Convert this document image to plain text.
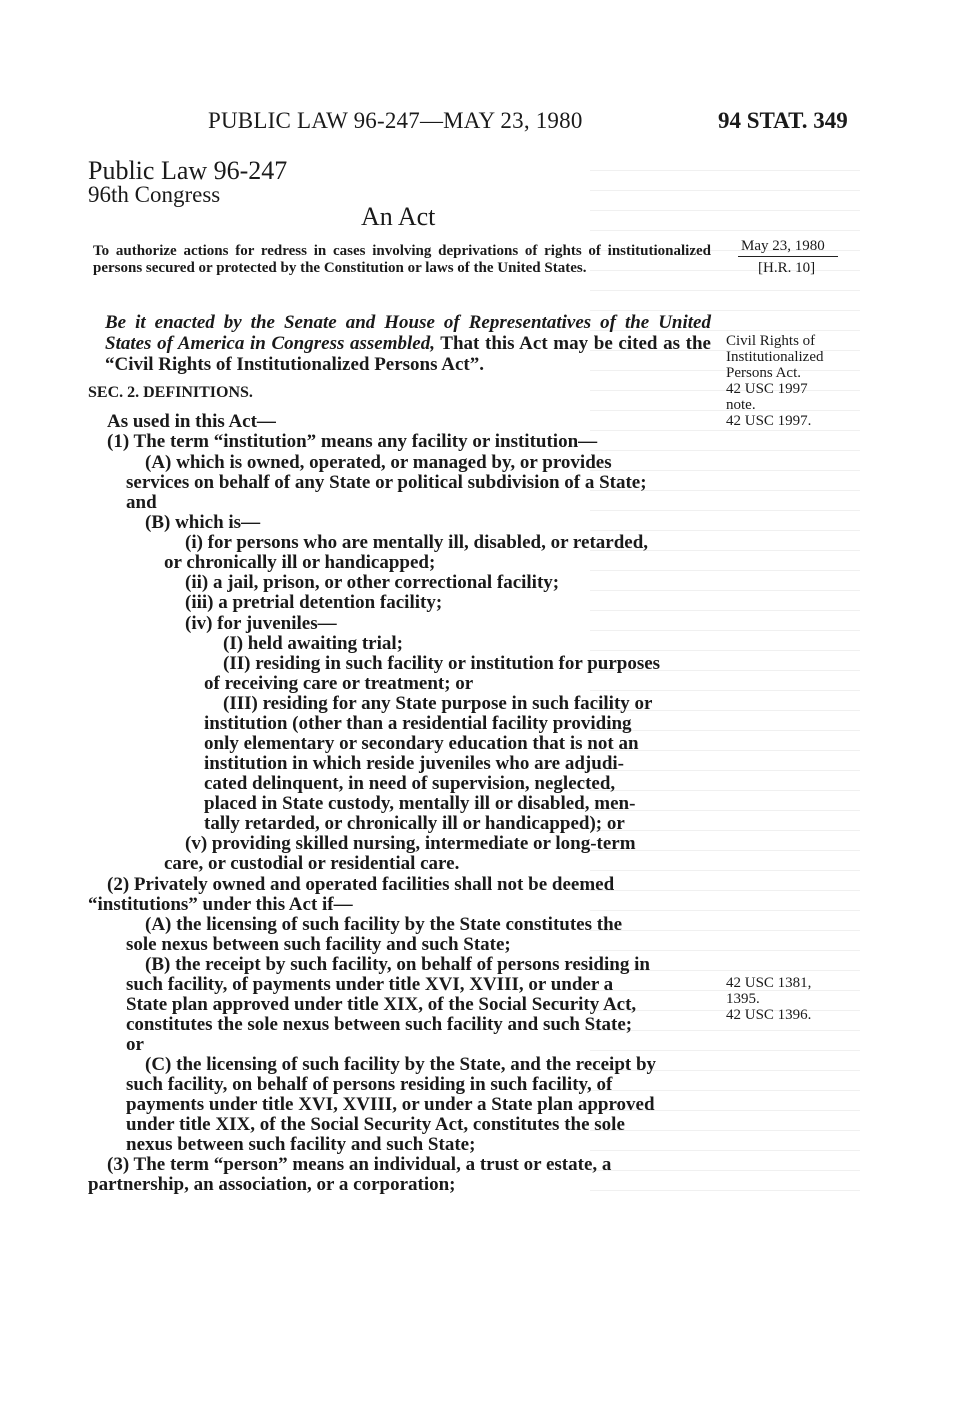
PUBLIC LAW 96-247—MAY 23, 1980	94 STAT. 349
Public Law 96-247
96th Congress
An Act
To authorize actions for redress in cases involving deprivations of rights of institutionalized persons secured or protected by the Constitution or laws of the United States.
May 23, 1980
[H.R. 10]
Be it enacted by the Senate and House of Representatives of the United States of America in Congress assembled, That this Act may be cited as the “Civil Rights of Institutionalized Persons Act”.
Civil Rights of
Institutionalized
Persons Act.
42 USC 1997
note.
42 USC 1997.
42 USC 1381,
1395.
42 USC 1396.
SEC. 2. DEFINITIONS.
As used in this Act—
(1) The term “institution” means any facility or institution—
(A) which is owned, operated, or managed by, or provides
services on behalf of any State or political subdivision of a State;
and
(B) which is—
(i) for persons who are mentally ill, disabled, or retarded,
or chronically ill or handicapped;
(ii) a jail, prison, or other correctional facility;
(iii) a pretrial detention facility;
(iv) for juveniles—
(I) held awaiting trial;
(II) residing in such facility or institution for purposes
of receiving care or treatment; or
(III) residing for any State purpose in such facility or
institution (other than a residential facility providing
only elementary or secondary education that is not an
institution in which reside juveniles who are adjudi-
cated delinquent, in need of supervision, neglected,
placed in State custody, mentally ill or disabled, men-
tally retarded, or chronically ill or handicapped); or
(v) providing skilled nursing, intermediate or long-term
care, or custodial or residential care.
(2) Privately owned and operated facilities shall not be deemed
“institutions” under this Act if—
(A) the licensing of such facility by the State constitutes the
sole nexus between such facility and such State;
(B) the receipt by such facility, on behalf of persons residing in
such facility, of payments under title XVI, XVIII, or under a
State plan approved under title XIX, of the Social Security Act,
constitutes the sole nexus between such facility and such State;
or
(C) the licensing of such facility by the State, and the receipt by
such facility, on behalf of persons residing in such facility, of
payments under title XVI, XVIII, or under a State plan approved
under title XIX, of the Social Security Act, constitutes the sole
nexus between such facility and such State;
(3) The term “person” means an individual, a trust or estate, a
partnership, an association, or a corporation;
